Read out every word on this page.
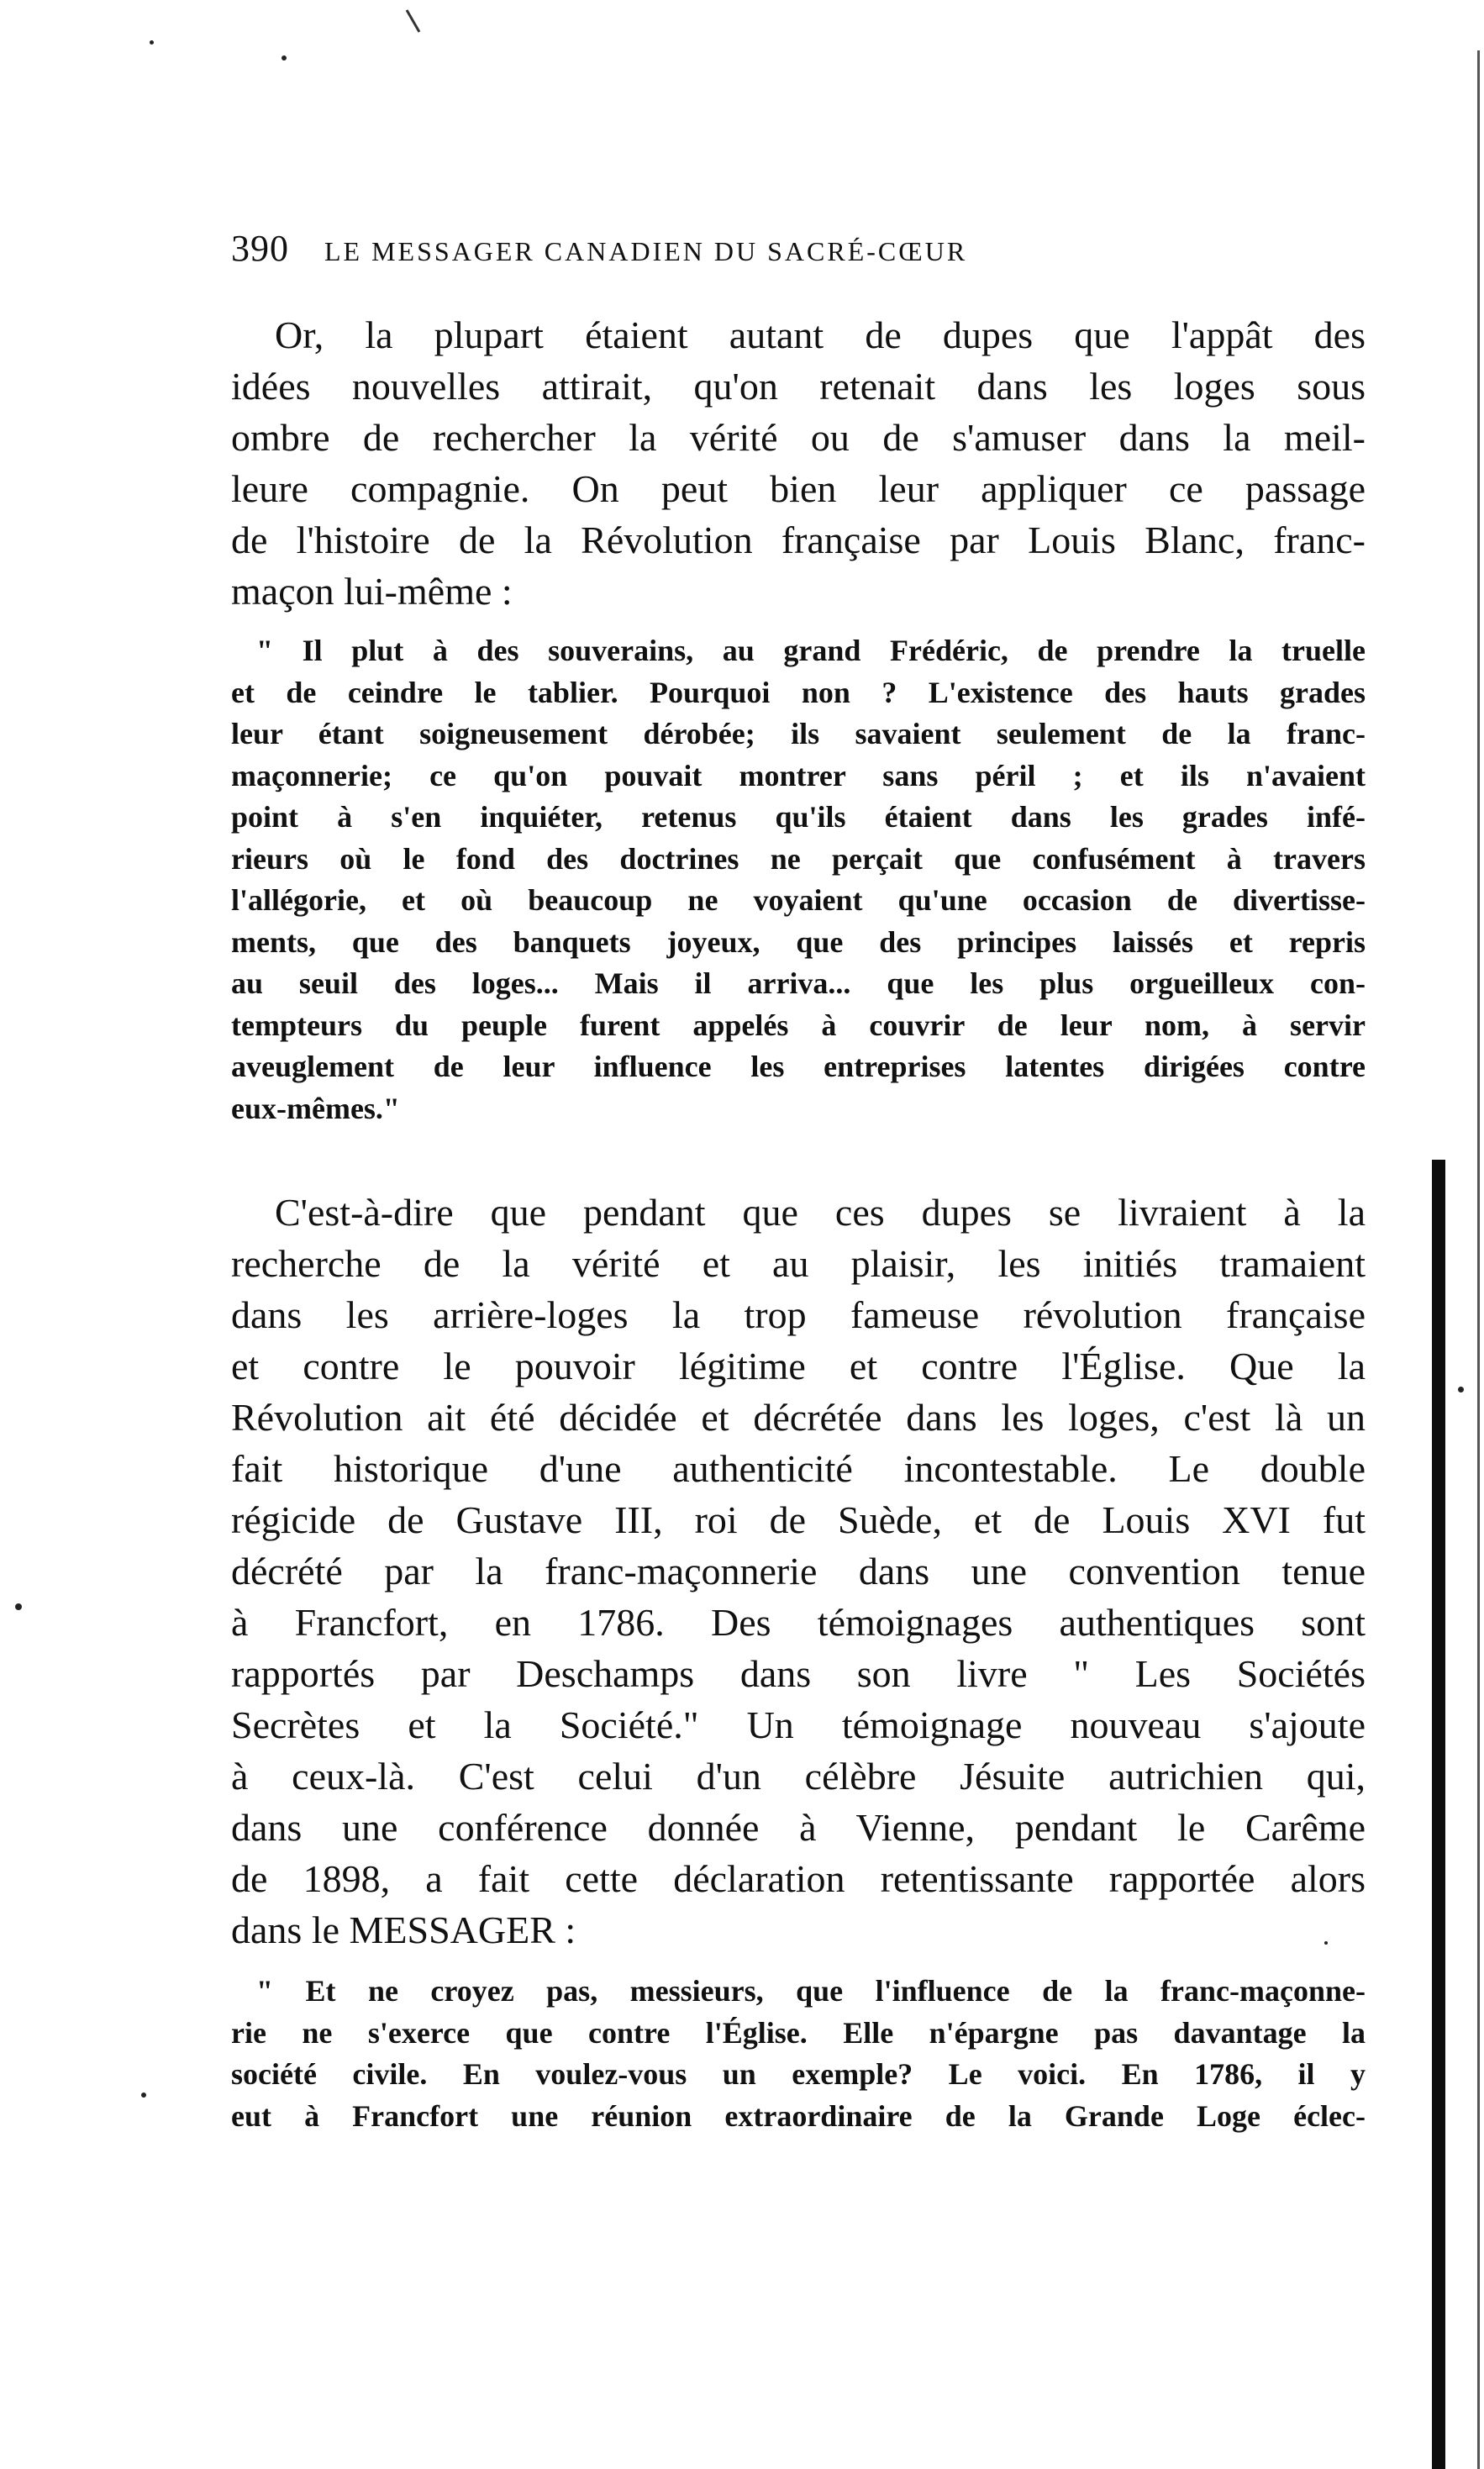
390 LE MESSAGER CANADIEN DU SACRÉ-CŒUR
Or, la plupart étaient autant de dupes que l'appât des
idées nouvelles attirait, qu'on retenait dans les loges sous
ombre de rechercher la vérité ou de s'amuser dans la meil-
leure compagnie. On peut bien leur appliquer ce passage
de l'histoire de la Révolution française par Louis Blanc, franc-
maçon lui-même :
" Il plut à des souverains, au grand Frédéric, de prendre la truelle
et de ceindre le tablier. Pourquoi non ? L'existence des hauts grades
leur étant soigneusement dérobée; ils savaient seulement de la franc-
maçonnerie; ce qu'on pouvait montrer sans péril ; et ils n'avaient
point à s'en inquiéter, retenus qu'ils étaient dans les grades infé-
rieurs où le fond des doctrines ne perçait que confusément à travers
l'allégorie, et où beaucoup ne voyaient qu'une occasion de divertisse-
ments, que des banquets joyeux, que des principes laissés et repris
au seuil des loges... Mais il arriva... que les plus orgueilleux con-
tempteurs du peuple furent appelés à couvrir de leur nom, à servir
aveuglement de leur influence les entreprises latentes dirigées contre
eux-mêmes."
C'est-à-dire que pendant que ces dupes se livraient à la
recherche de la vérité et au plaisir, les initiés tramaient
dans les arrière-loges la trop fameuse révolution française
et contre le pouvoir légitime et contre l'Église. Que la
Révolution ait été décidée et décrétée dans les loges, c'est là un
fait historique d'une authenticité incontestable. Le double
régicide de Gustave III, roi de Suède, et de Louis XVI fut
décrété par la franc-maçonnerie dans une convention tenue
à Francfort, en 1786. Des témoignages authentiques sont
rapportés par Deschamps dans son livre " Les Sociétés
Secrètes et la Société." Un témoignage nouveau s'ajoute
à ceux-là. C'est celui d'un célèbre Jésuite autrichien qui,
dans une conférence donnée à Vienne, pendant le Carême
de 1898, a fait cette déclaration retentissante rapportée alors
dans le MESSAGER :
" Et ne croyez pas, messieurs, que l'influence de la franc-maçonne-
rie ne s'exerce que contre l'Église. Elle n'épargne pas davantage la
société civile. En voulez-vous un exemple? Le voici. En 1786, il y
eut à Francfort une réunion extraordinaire de la Grande Loge éclec-
